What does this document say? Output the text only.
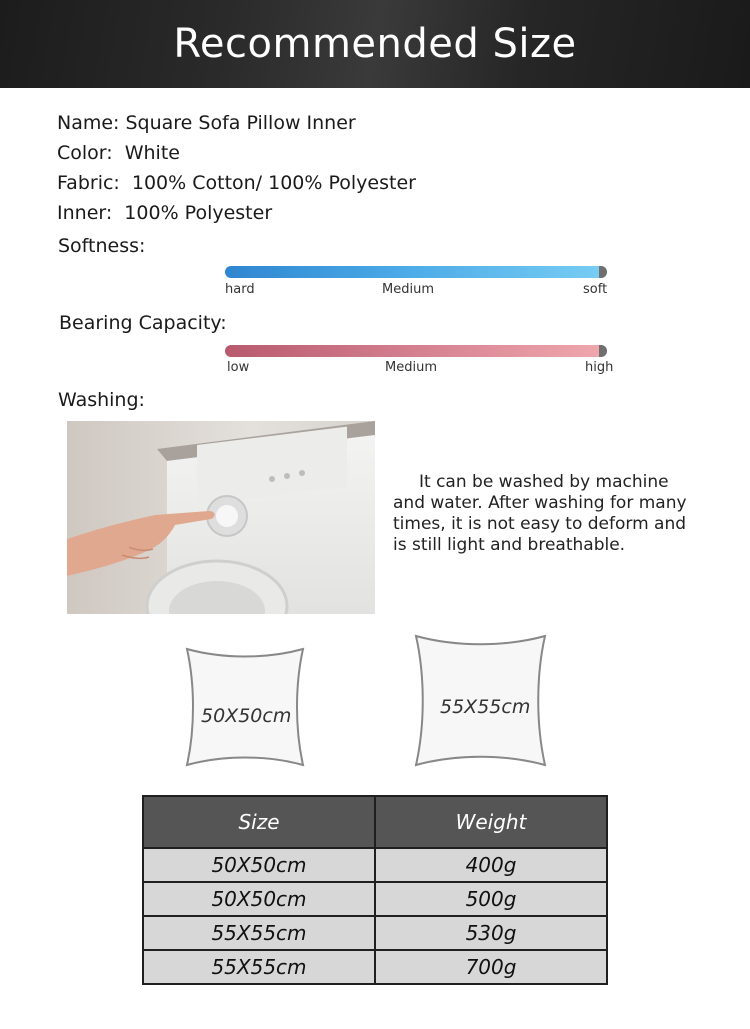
Recommended Size
Name: Square Sofa Pillow Inner
Color: White
Fabric: 100% Cotton/ 100% Polyester
Inner: 100% Polyester
Softness:
hard	Medium	soft
Bearing Capacity:
low	Medium	high
Washing:
It can be washed by machine
and water. After washing for many
times, it is not easy to deform and
is still light and breathable.
50X50cm	55X55cm
Size	Weight
50X50cm	400g
50X50cm	500g
55X55cm	530g
55X55cm	700g
